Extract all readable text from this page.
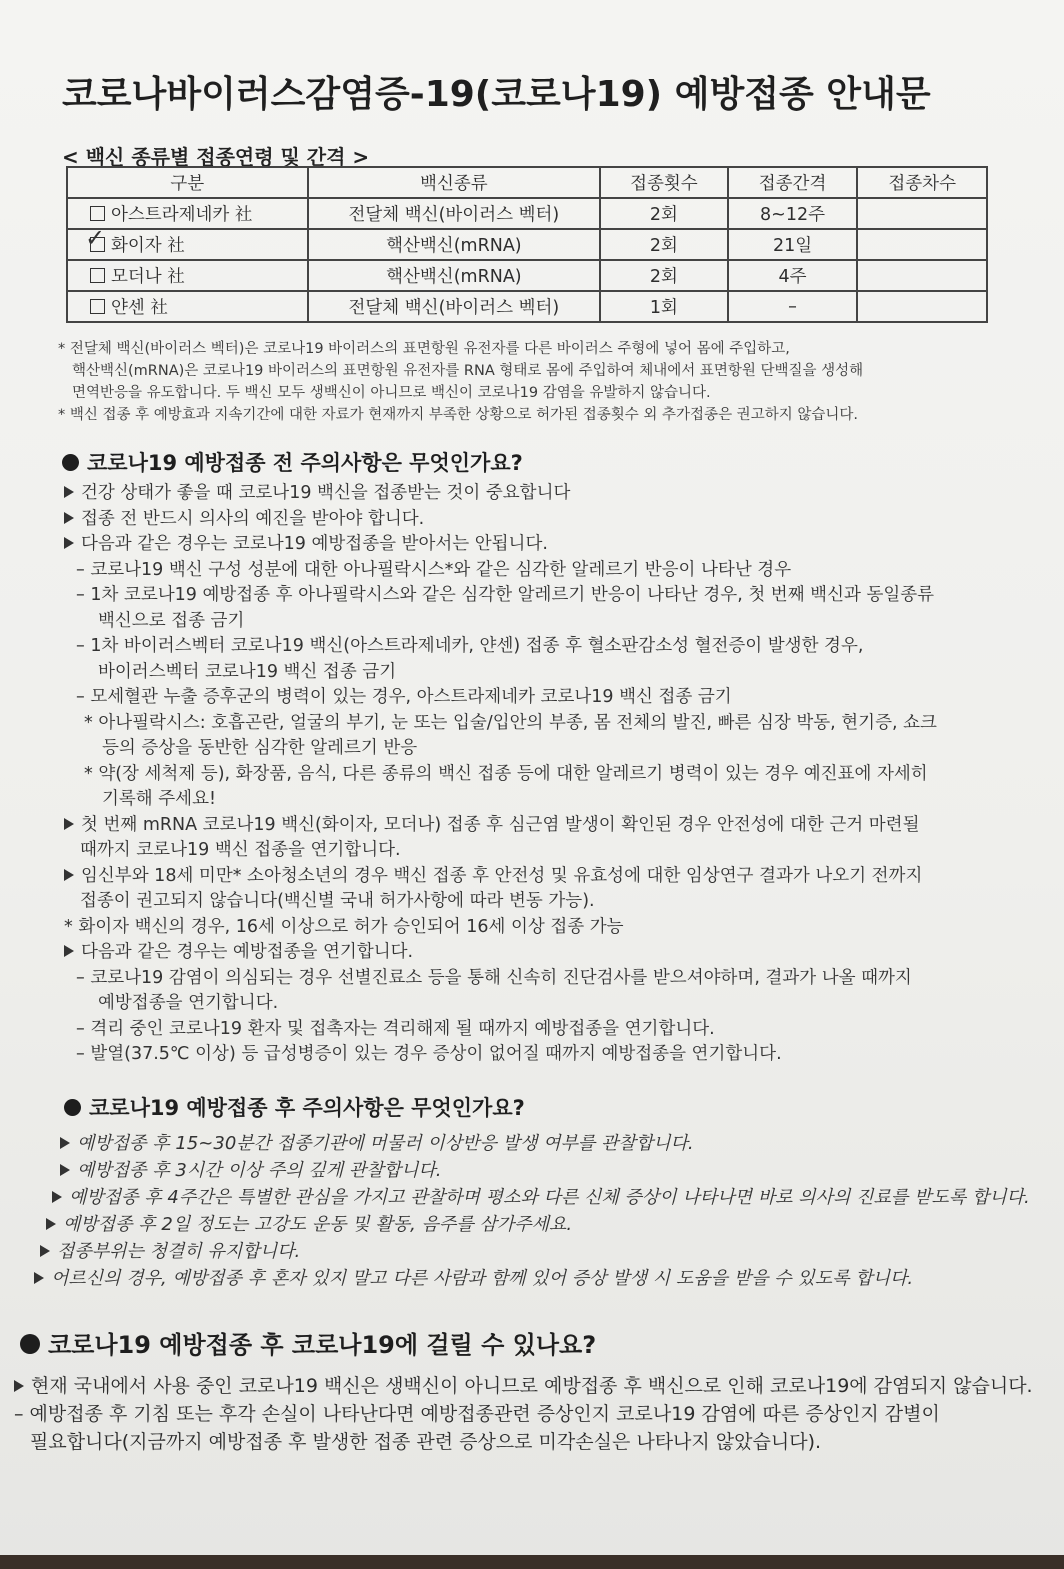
코로나바이러스감염증-19(코로나19) 예방접종 안내문
< 백신 종류별 접종연령 및 간격 >
구분	백신종류	접종횟수	접종간격	접종차수
아스트라제네카 社	전달체 백신(바이러스 벡터)	2회	8~12주	

✓ 화이자 社	핵산백신(mRNA)	2회	21일	
모더나 社	핵산백신(mRNA)	2회	4주	
얀센 社	전달체 백신(바이러스 벡터)	1회	–	

* 전달체 백신(바이러스 벡터)은 코로나19 바이러스의 표면항원 유전자를 다른 바이러스 주형에 넣어 몸에 주입하고,

핵산백신(mRNA)은 코로나19 바이러스의 표면항원 유전자를 RNA 형태로 몸에 주입하여 체내에서 표면항원 단백질을 생성해

면역반응을 유도합니다. 두 백신 모두 생백신이 아니므로 백신이 코로나19 감염을 유발하지 않습니다.

* 백신 접종 후 예방효과 지속기간에 대한 자료가 현재까지 부족한 상황으로 허가된 접종횟수 외 추가접종은 권고하지 않습니다.

코로나19 예방접종 전 주의사항은 무엇인가요?

건강 상태가 좋을 때 코로나19 백신을 접종받는 것이 중요합니다

접종 전 반드시 의사의 예진을 받아야 합니다.

다음과 같은 경우는 코로나19 예방접종을 받아서는 안됩니다.

– 코로나19 백신 구성 성분에 대한 아나필락시스*와 같은 심각한 알레르기 반응이 나타난 경우

– 1차 코로나19 예방접종 후 아나필락시스와 같은 심각한 알레르기 반응이 나타난 경우, 첫 번째 백신과 동일종류

백신으로 접종 금기

– 1차 바이러스벡터 코로나19 백신(아스트라제네카, 얀센) 접종 후 혈소판감소성 혈전증이 발생한 경우,

바이러스벡터 코로나19 백신 접종 금기

– 모세혈관 누출 증후군의 병력이 있는 경우, 아스트라제네카 코로나19 백신 접종 금기

* 아나필락시스: 호흡곤란, 얼굴의 부기, 눈 또는 입술/입안의 부종, 몸 전체의 발진, 빠른 심장 박동, 현기증, 쇼크

등의 증상을 동반한 심각한 알레르기 반응

* 약(장 세척제 등), 화장품, 음식, 다른 종류의 백신 접종 등에 대한 알레르기 병력이 있는 경우 예진표에 자세히

기록해 주세요!

첫 번째 mRNA 코로나19 백신(화이자, 모더나) 접종 후 심근염 발생이 확인된 경우 안전성에 대한 근거 마련될

때까지 코로나19 백신 접종을 연기합니다.

임신부와 18세 미만* 소아청소년의 경우 백신 접종 후 안전성 및 유효성에 대한 임상연구 결과가 나오기 전까지

접종이 권고되지 않습니다(백신별 국내 허가사항에 따라 변동 가능).

* 화이자 백신의 경우, 16세 이상으로 허가 승인되어 16세 이상 접종 가능

다음과 같은 경우는 예방접종을 연기합니다.

– 코로나19 감염이 의심되는 경우 선별진료소 등을 통해 신속히 진단검사를 받으셔야하며, 결과가 나올 때까지

예방접종을 연기합니다.

– 격리 중인 코로나19 환자 및 접촉자는 격리해제 될 때까지 예방접종을 연기합니다.

– 발열(37.5℃ 이상) 등 급성병증이 있는 경우 증상이 없어질 때까지 예방접종을 연기합니다.

코로나19 예방접종 후 주의사항은 무엇인가요?

예방접종 후 15~30분간 접종기관에 머물러 이상반응 발생 여부를 관찰합니다.

예방접종 후 3시간 이상 주의 깊게 관찰합니다.

예방접종 후 4주간은 특별한 관심을 가지고 관찰하며 평소와 다른 신체 증상이 나타나면 바로 의사의 진료를 받도록 합니다.

예방접종 후 2일 정도는 고강도 운동 및 활동, 음주를 삼가주세요.

접종부위는 청결히 유지합니다.

어르신의 경우, 예방접종 후 혼자 있지 말고 다른 사람과 함께 있어 증상 발생 시 도움을 받을 수 있도록 합니다.

코로나19 예방접종 후 코로나19에 걸릴 수 있나요?

현재 국내에서 사용 중인 코로나19 백신은 생백신이 아니므로 예방접종 후 백신으로 인해 코로나19에 감염되지 않습니다.

– 예방접종 후 기침 또는 후각 손실이 나타난다면 예방접종관련 증상인지 코로나19 감염에 따른 증상인지 감별이

필요합니다(지금까지 예방접종 후 발생한 접종 관련 증상으로 미각손실은 나타나지 않았습니다).
